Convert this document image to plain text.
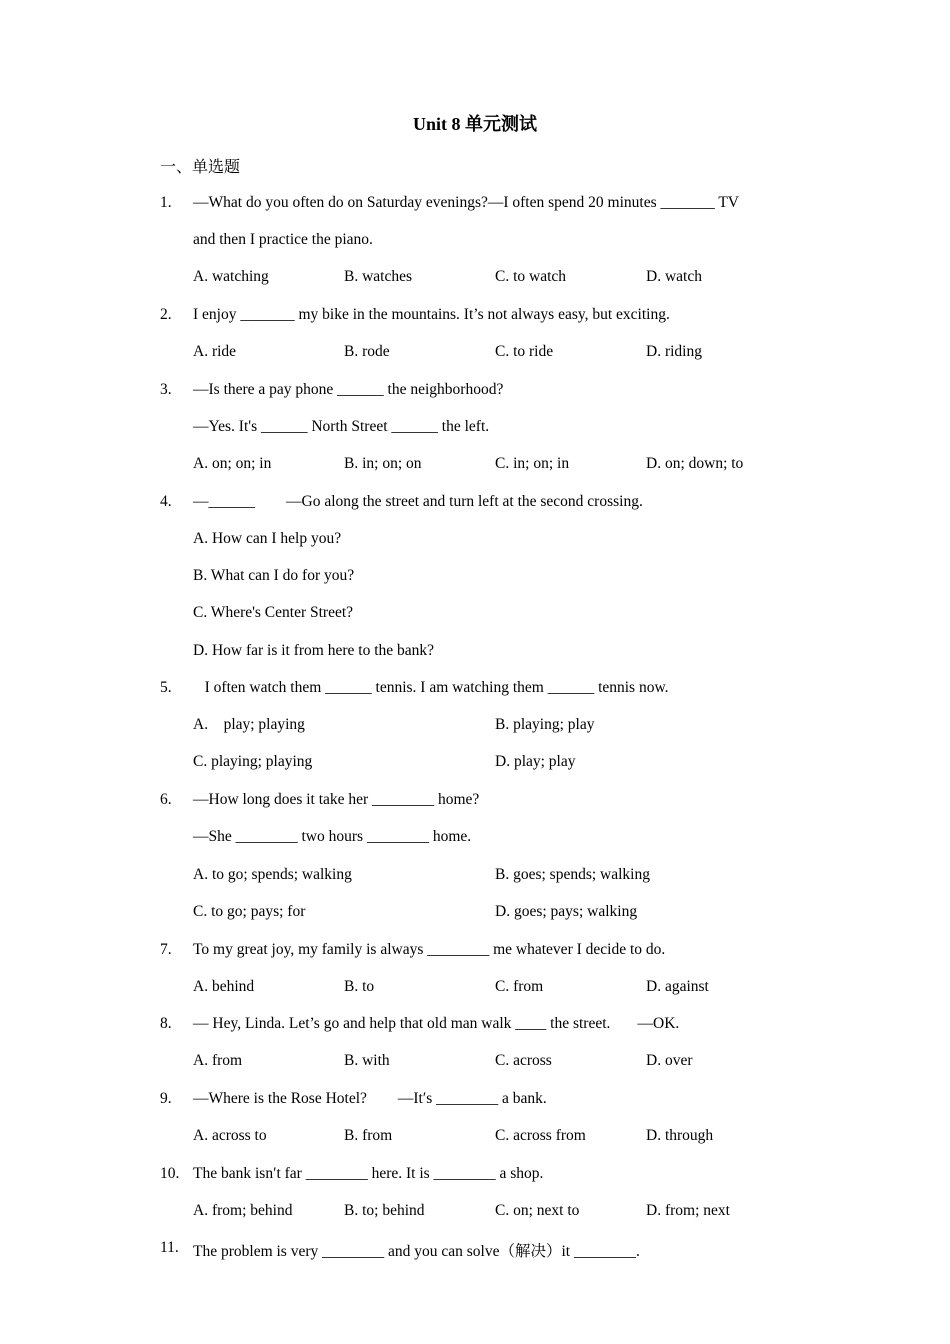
Unit 8 单元测试
一、单选题
1. —What do you often do on Saturday evenings?—I often spend 20 minutes _______ TV
and then I practice the piano.
A. watching	B. watches	C. to watch	D. watch
2. I enjoy _______ my bike in the mountains. It’s not always easy, but exciting.
A. ride	B. rode	C. to ride	D. riding
3. —Is there a pay phone ______ the neighborhood?
—Yes. It's ______ North Street ______ the left.
A. on; on; in	B. in; on; on	C. in; on; in	D. on; down; to
4. —______        —Go along the street and turn left at the second crossing.
A. How can I help you?
B. What can I do for you?
C. Where's Center Street?
D. How far is it from here to the bank?
5. I often watch them ______ tennis. I am watching them ______ tennis now.
A.    play; playing	B. playing; play
C. playing; playing	D. play; play
6. —How long does it take her ________ home?
—She ________ two hours ________ home.
A. to go; spends; walking	B. goes; spends; walking
C. to go; pays; for	D. goes; pays; walking
7. To my great joy, my family is always ________ me whatever I decide to do.
A. behind	B. to	C. from	D. against
8. — Hey, Linda. Let’s go and help that old man walk ____ the street.       —OK.
A. from	B. with	C. across	D. over
9. —Where is the Rose Hotel?        —It′s ________ a bank.
A. across to	B. from	C. across from	D. through
10. The bank isn′t far ________ here. It is ________ a shop.
A. from; behind	B. to; behind	C. on; next to	D. from; next
11. The problem is very ________ and you can solve（解决）it ________.
